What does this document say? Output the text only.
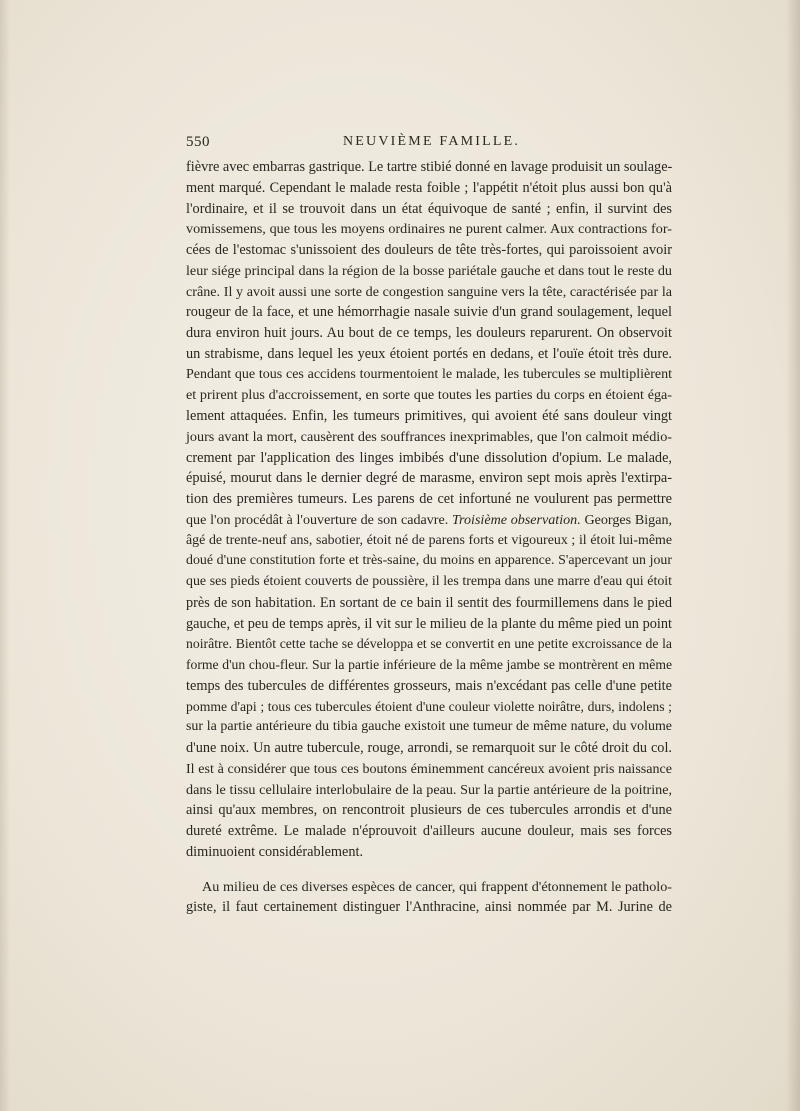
550	NEUVIÈME FAMILLE.
fièvre avec embarras gastrique. Le tartre stibié donné en lavage produisit un soulage-
ment marqué. Cependant le malade resta foible ; l'appétit n'étoit plus aussi bon qu'à
l'ordinaire, et il se trouvoit dans un état équivoque de santé ; enfin, il survint des
vomissemens, que tous les moyens ordinaires ne purent calmer. Aux contractions for-
cées de l'estomac s'unissoient des douleurs de tête très-fortes, qui paroissoient avoir
leur siége principal dans la région de la bosse pariétale gauche et dans tout le reste du
crâne. Il y avoit aussi une sorte de congestion sanguine vers la tête, caractérisée par la
rougeur de la face, et une hémorrhagie nasale suivie d'un grand soulagement, lequel
dura environ huit jours. Au bout de ce temps, les douleurs reparurent. On observoit
un strabisme, dans lequel les yeux étoient portés en dedans, et l'ouïe étoit très dure.
Pendant que tous ces accidens tourmentoient le malade, les tubercules se multiplièrent
et prirent plus d'accroissement, en sorte que toutes les parties du corps en étoient éga-
lement attaquées. Enfin, les tumeurs primitives, qui avoient été sans douleur vingt
jours avant la mort, causèrent des souffrances inexprimables, que l'on calmoit médio-
crement par l'application des linges imbibés d'une dissolution d'opium. Le malade,
épuisé, mourut dans le dernier degré de marasme, environ sept mois après l'extirpa-
tion des premières tumeurs. Les parens de cet infortuné ne voulurent pas permettre
que l'on procédât à l'ouverture de son cadavre. Troisième observation. Georges Bigan,
âgé de trente-neuf ans, sabotier, étoit né de parens forts et vigoureux ; il étoit lui-même
doué d'une constitution forte et très-saine, du moins en apparence. S'apercevant un jour
que ses pieds étoient couverts de poussière, il les trempa dans une marre d'eau qui étoit
près de son habitation. En sortant de ce bain il sentit des fourmillemens dans le pied
gauche, et peu de temps après, il vit sur le milieu de la plante du même pied un point
noirâtre. Bientôt cette tache se développa et se convertit en une petite excroissance de la
forme d'un chou-fleur. Sur la partie inférieure de la même jambe se montrèrent en même
temps des tubercules de différentes grosseurs, mais n'excédant pas celle d'une petite
pomme d'api ; tous ces tubercules étoient d'une couleur violette noirâtre, durs, indolens ;
sur la partie antérieure du tibia gauche existoit une tumeur de même nature, du volume
d'une noix. Un autre tubercule, rouge, arrondi, se remarquoit sur le côté droit du col.
Il est à considérer que tous ces boutons éminemment cancéreux avoient pris naissance
dans le tissu cellulaire interlobulaire de la peau. Sur la partie antérieure de la poitrine,
ainsi qu'aux membres, on rencontroit plusieurs de ces tubercules arrondis et d'une
dureté extrême. Le malade n'éprouvoit d'ailleurs aucune douleur, mais ses forces
diminuoient considérablement.
Au milieu de ces diverses espèces de cancer, qui frappent d'étonnement le patholo-
giste, il faut certainement distinguer l'Anthracine, ainsi nommée par M. Jurine de
